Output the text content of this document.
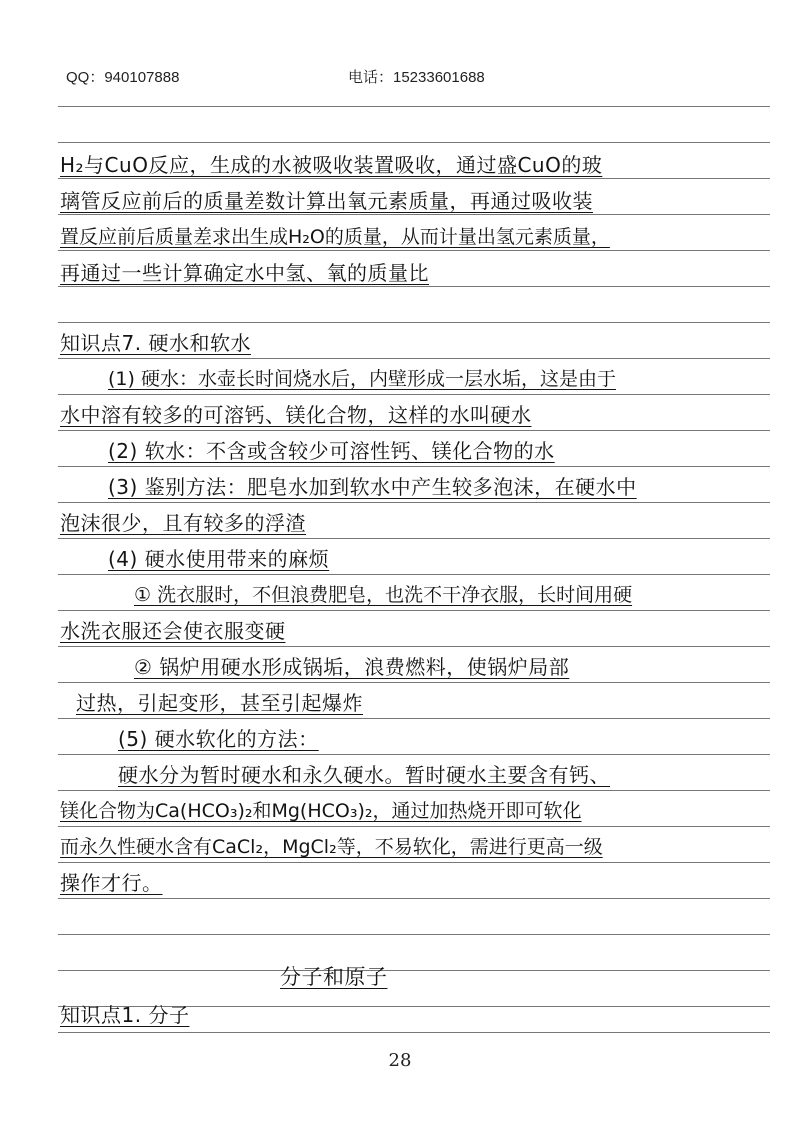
QQ：940107888	电话：15233601688
H₂与CuO反应，生成的水被吸收装置吸收，通过盛CuO的玻
璃管反应前后的质量差数计算出氧元素质量，再通过吸收装
置反应前后质量差求出生成H₂O的质量，从而计量出氢元素质量，
再通过一些计算确定水中氢、氧的质量比
知识点7. 硬水和软水
(1) 硬水：水壶长时间烧水后，内壁形成一层水垢，这是由于
水中溶有较多的可溶钙、镁化合物，这样的水叫硬水
(2) 软水：不含或含较少可溶性钙、镁化合物的水
(3) 鉴别方法：肥皂水加到软水中产生较多泡沫，在硬水中
泡沫很少，且有较多的浮渣
(4) 硬水使用带来的麻烦
① 洗衣服时，不但浪费肥皂，也洗不干净衣服，长时间用硬
水洗衣服还会使衣服变硬
② 锅炉用硬水形成锅垢，浪费燃料，使锅炉局部
过热，引起变形，甚至引起爆炸
(5) 硬水软化的方法：
硬水分为暂时硬水和永久硬水。暂时硬水主要含有钙、
镁化合物为Ca(HCO₃)₂和Mg(HCO₃)₂，通过加热烧开即可软化
而永久性硬水含有CaCl₂，MgCl₂等，不易软化，需进行更高一级
操作才行。
分子和原子
知识点1. 分子
28
